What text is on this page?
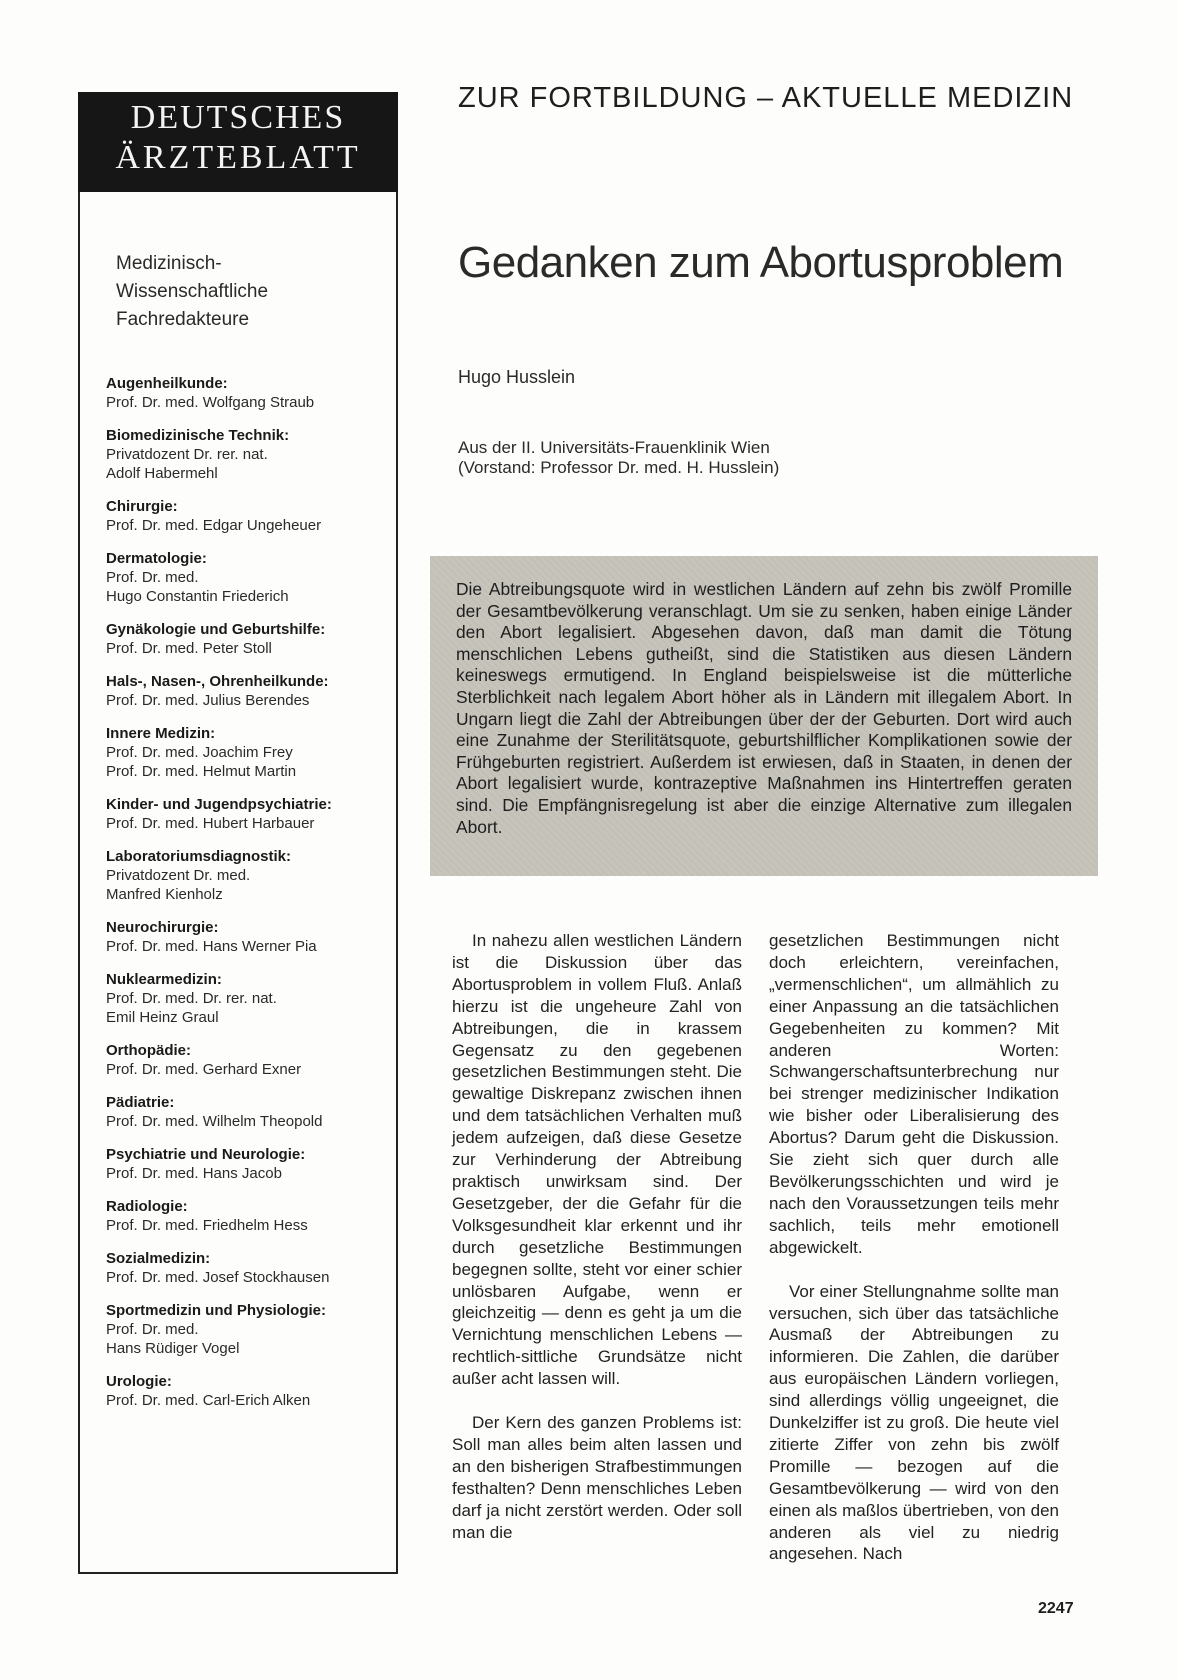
DEUTSCHES
ÄRZTEBLATT
Medizinisch-
Wissenschaftliche
Fachredakteure
Augenheilkunde:
Prof. Dr. med. Wolfgang Straub
Biomedizinische Technik:
Privatdozent Dr. rer. nat.
Adolf Habermehl
Chirurgie:
Prof. Dr. med. Edgar Ungeheuer
Dermatologie:
Prof. Dr. med.
Hugo Constantin Friederich
Gynäkologie und Geburtshilfe:
Prof. Dr. med. Peter Stoll
Hals-, Nasen-, Ohrenheilkunde:
Prof. Dr. med. Julius Berendes
Innere Medizin:
Prof. Dr. med. Joachim Frey
Prof. Dr. med. Helmut Martin
Kinder- und Jugendpsychiatrie:
Prof. Dr. med. Hubert Harbauer
Laboratoriumsdiagnostik:
Privatdozent Dr. med.
Manfred Kienholz
Neurochirurgie:
Prof. Dr. med. Hans Werner Pia
Nuklearmedizin:
Prof. Dr. med. Dr. rer. nat.
Emil Heinz Graul
Orthopädie:
Prof. Dr. med. Gerhard Exner
Pädiatrie:
Prof. Dr. med. Wilhelm Theopold
Psychiatrie und Neurologie:
Prof. Dr. med. Hans Jacob
Radiologie:
Prof. Dr. med. Friedhelm Hess
Sozialmedizin:
Prof. Dr. med. Josef Stockhausen
Sportmedizin und Physiologie:
Prof. Dr. med.
Hans Rüdiger Vogel
Urologie:
Prof. Dr. med. Carl-Erich Alken
ZUR FORTBILDUNG – AKTUELLE MEDIZIN
Gedanken zum Abortusproblem
Hugo Husslein
Aus der II. Universitäts-Frauenklinik Wien
(Vorstand: Professor Dr. med. H. Husslein)

Die Abtreibungsquote wird in westlichen Ländern auf zehn bis zwölf Promille der Gesamtbevölkerung veranschlagt. Um sie zu senken, haben einige Länder den Abort legalisiert. Abgesehen davon, daß man damit die Tötung menschlichen Lebens gutheißt, sind die Statistiken aus diesen Ländern keineswegs ermutigend. In England beispielsweise ist die mütterliche Sterblichkeit nach legalem Abort höher als in Ländern mit illegalem Abort. In Ungarn liegt die Zahl der Abtreibungen über der der Geburten. Dort wird auch eine Zunahme der Sterilitätsquote, geburtshilflicher Komplikationen sowie der Frühgeburten registriert. Außerdem ist erwiesen, daß in Staaten, in denen der Abort legalisiert wurde, kontrazeptive Maßnahmen ins Hintertreffen geraten sind. Die Empfängnisregelung ist aber die einzige Alternative zum illegalen Abort.

In nahezu allen westlichen Ländern ist die Diskussion über das Abortusproblem in vollem Fluß. Anlaß hierzu ist die ungeheure Zahl von Abtreibungen, die in krassem Gegensatz zu den gegebenen gesetzlichen Bestimmungen steht. Die gewaltige Diskrepanz zwischen ihnen und dem tatsächlichen Verhalten muß jedem aufzeigen, daß diese Gesetze zur Verhinderung der Abtreibung praktisch unwirksam sind. Der Gesetzgeber, der die Gefahr für die Volksgesundheit klar erkennt und ihr durch gesetzliche Bestimmungen begegnen sollte, steht vor einer schier unlösbaren Aufgabe, wenn er gleichzeitig — denn es geht ja um die Vernichtung menschlichen Lebens — rechtlich-sittliche Grundsätze nicht außer acht lassen will.

Der Kern des ganzen Problems ist: Soll man alles beim alten lassen und an den bisherigen Strafbestimmungen festhalten? Denn menschliches Leben darf ja nicht zerstört werden. Oder soll man die

gesetzlichen Bestimmungen nicht doch erleichtern, vereinfachen, „vermenschlichen“, um allmählich zu einer Anpassung an die tatsächlichen Gegebenheiten zu kommen? Mit anderen Worten: Schwangerschaftsunterbrechung nur bei strenger medizinischer Indikation wie bisher oder Liberalisierung des Abortus? Darum geht die Diskussion. Sie zieht sich quer durch alle Bevölkerungsschichten und wird je nach den Voraussetzungen teils mehr sachlich, teils mehr emotionell abgewickelt.

Vor einer Stellungnahme sollte man versuchen, sich über das tatsächliche Ausmaß der Abtreibungen zu informieren. Die Zahlen, die darüber aus europäischen Ländern vorliegen, sind allerdings völlig ungeeignet, die Dunkelziffer ist zu groß. Die heute viel zitierte Ziffer von zehn bis zwölf Promille — bezogen auf die Gesamtbevölkerung — wird von den einen als maßlos übertrieben, von den anderen als viel zu niedrig angesehen. Nach

2247
